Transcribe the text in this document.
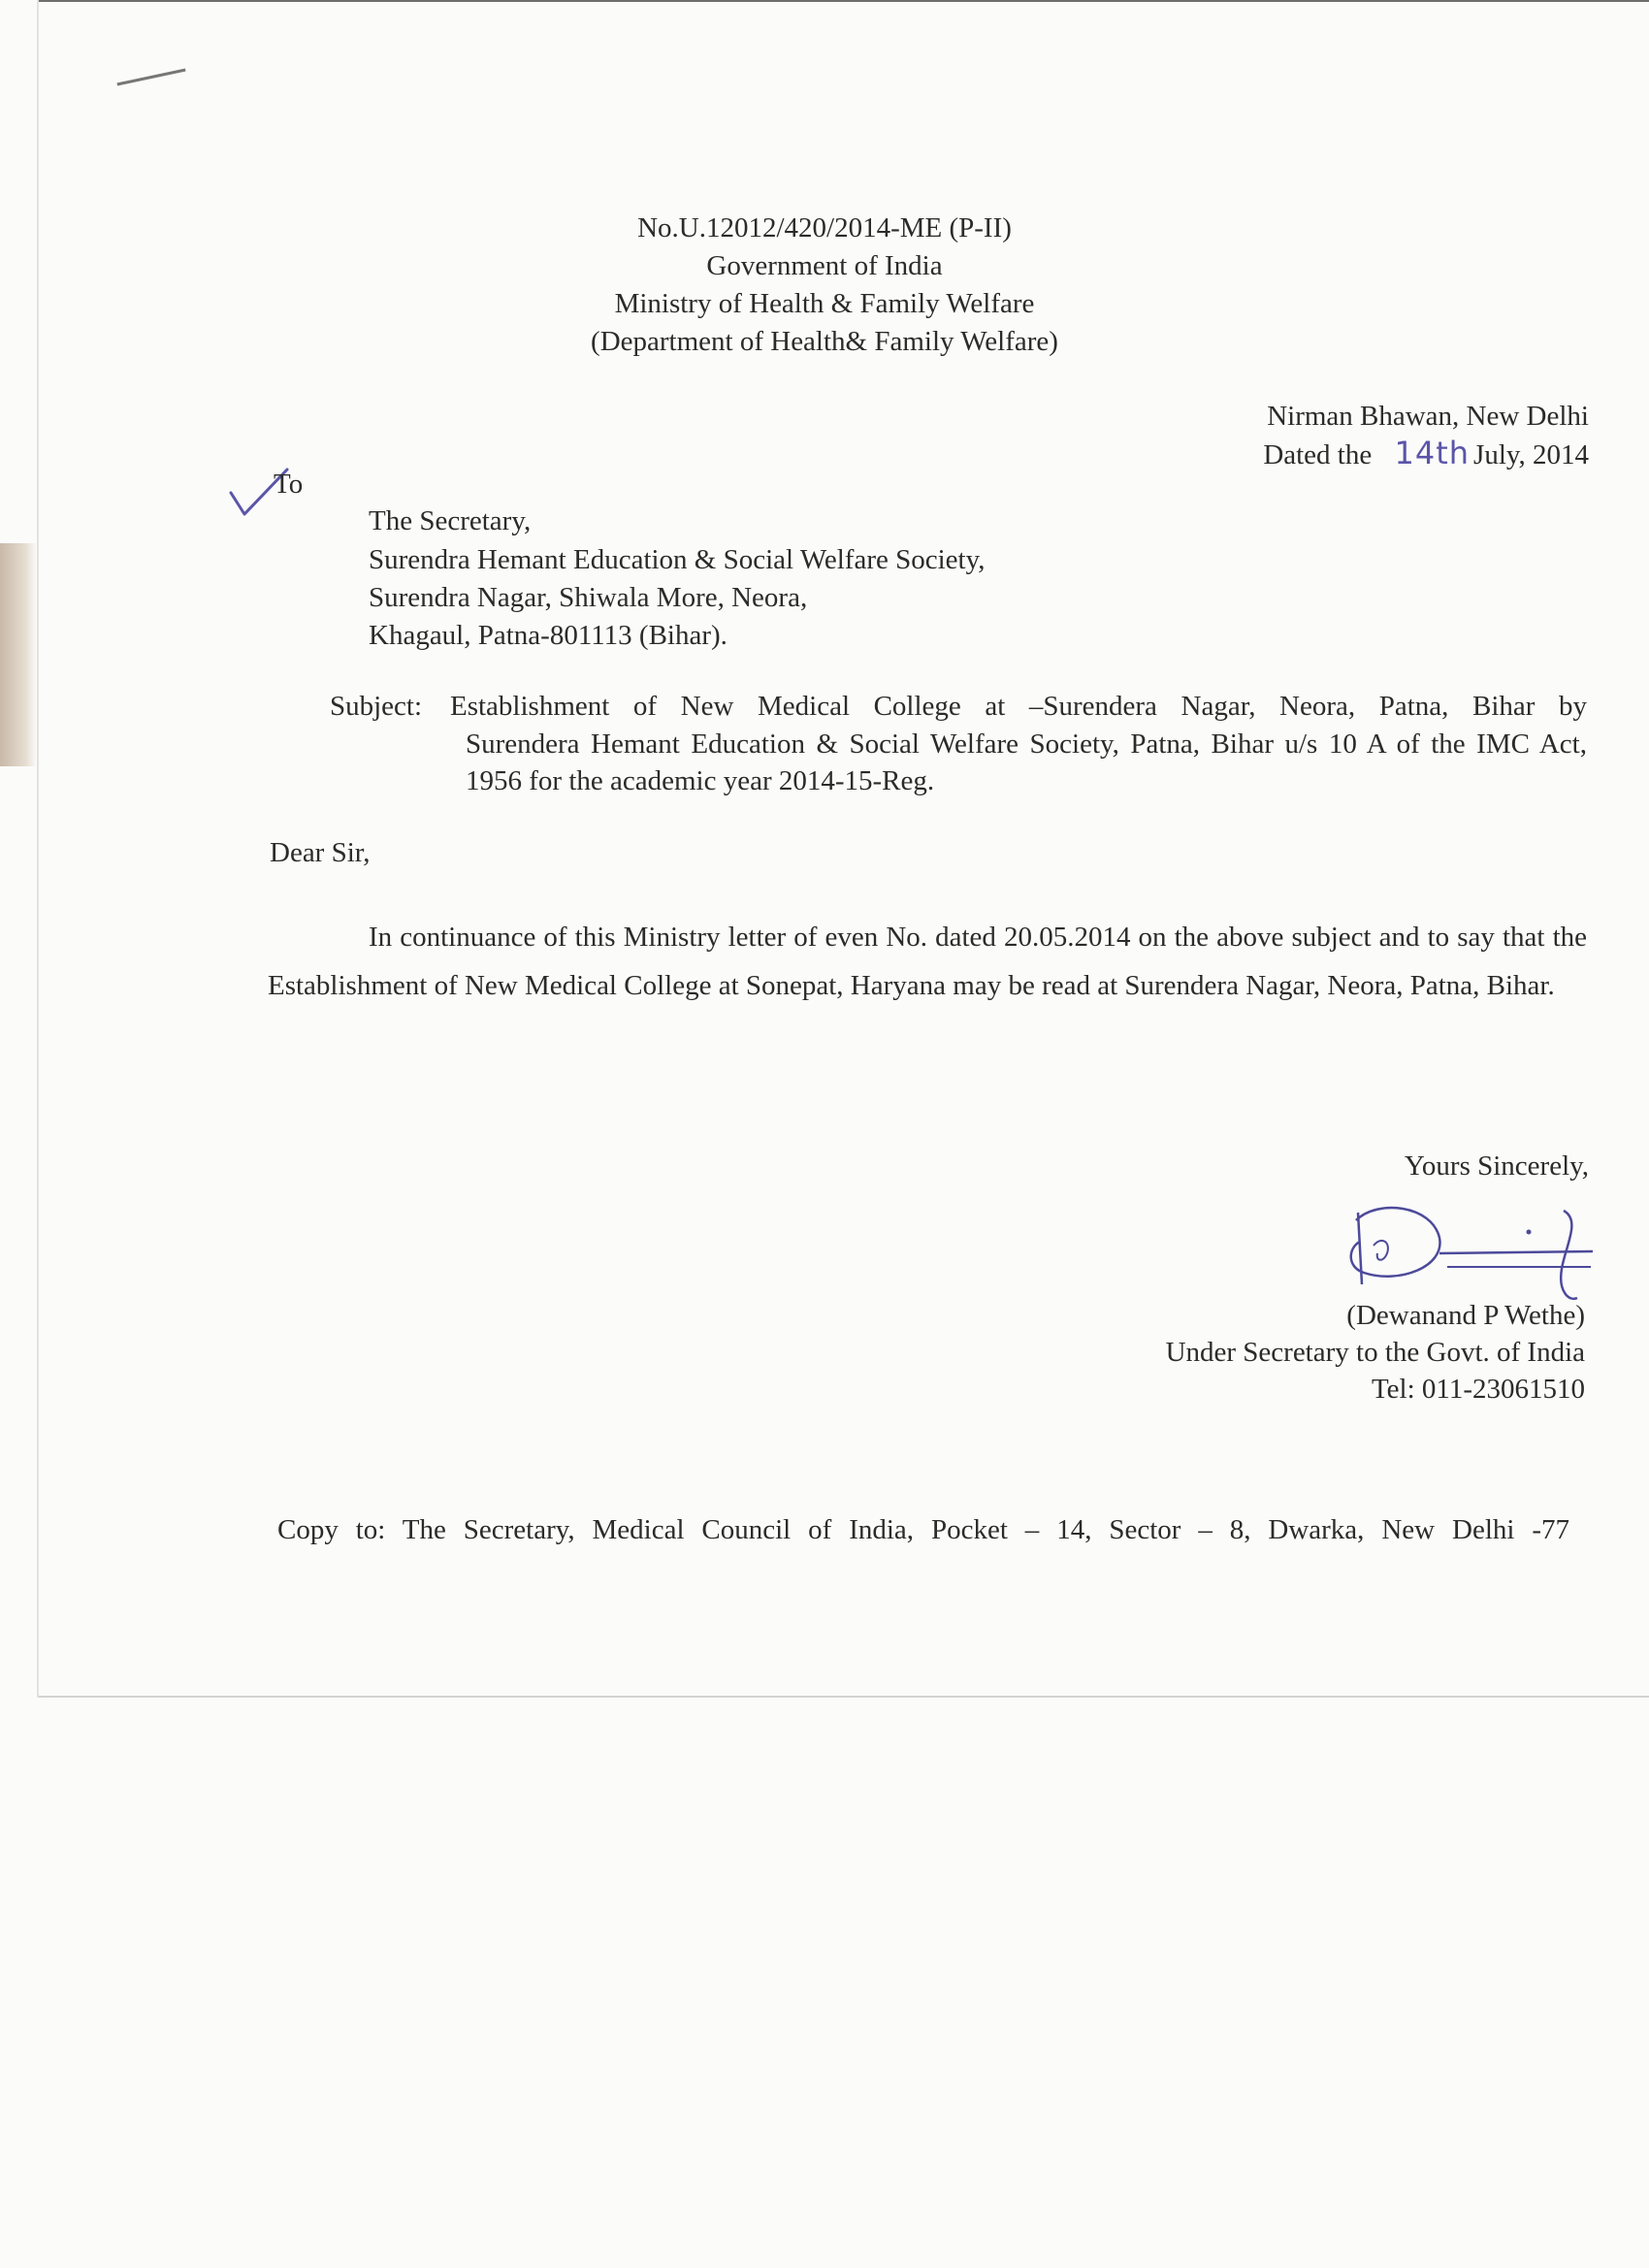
No.U.12012/420/2014-ME (P-II)
Government of India
Ministry of Health & Family Welfare
(Department of Health& Family Welfare)
Nirman Bhawan, New Delhi
Dated the 14th July, 2014
To
The Secretary,
Surendra Hemant Education & Social Welfare Society,
Surendra Nagar, Shiwala More, Neora,
Khagaul, Patna-801113 (Bihar).
Subject: Establishment of New Medical College at –Surendera Nagar, Neora, Patna, Bihar by
Surendera Hemant Education & Social Welfare Society, Patna, Bihar u/s 10 A of the IMC Act, 1956 for the academic year 2014-15-Reg.
Dear Sir,
In continuance of this Ministry letter of even No. dated 20.05.2014 on the above subject and to say that the Establishment of New Medical College at Sonepat, Haryana may be read at Surendera Nagar, Neora, Patna, Bihar.
Yours Sincerely,
(Dewanand P Wethe)
Under Secretary to the Govt. of India
Tel: 011-23061510
Copy to: The Secretary, Medical Council of India, Pocket – 14, Sector – 8, Dwarka, New Delhi -77
